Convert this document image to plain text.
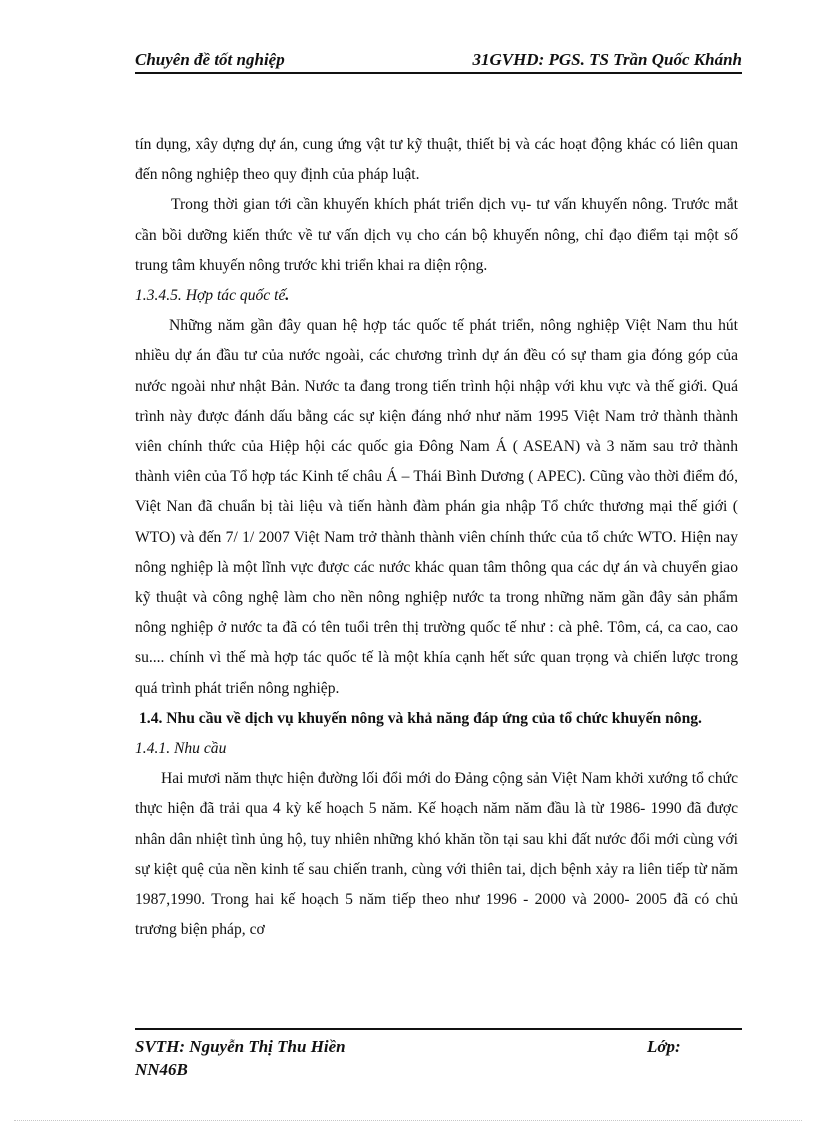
Chuyên đề tốt nghiệp	31GVHD: PGS. TS Trần Quốc Khánh

tín dụng, xây dựng dự án, cung ứng vật tư kỹ thuật, thiết bị và các hoạt động khác có liên quan đến nông nghiệp theo quy định của pháp luật.

Trong thời gian tới cần khuyến khích phát triển dịch vụ- tư vấn khuyến nông. Trước mắt cần bồi dưỡng kiến thức về tư vấn dịch vụ cho cán bộ khuyến nông, chỉ đạo điểm tại một số trung tâm khuyến nông trước khi triển khai ra diện rộng.

1.3.4.5. Hợp tác quốc tế.

Những năm gần đây quan hệ hợp tác quốc tế phát triển, nông nghiệp Việt Nam thu hút nhiều dự án đầu tư của nước ngoài, các chương trình dự án đều có sự tham gia đóng góp của nước ngoài như nhật Bản. Nước ta đang trong tiến trình hội nhập với khu vực và thế giới. Quá trình này được đánh dấu bằng các sự kiện đáng nhớ như năm 1995 Việt Nam trở thành thành viên chính thức của Hiệp hội các quốc gia Đông Nam Á ( ASEAN) và 3 năm sau trở thành thành viên của Tổ hợp tác Kinh tế châu Á – Thái Bình Dương ( APEC). Cũng vào thời điểm đó, Việt Nan đã chuẩn bị tài liệu và tiến hành đàm phán gia nhập Tổ chức thương mại thế giới ( WTO) và đến 7/ 1/ 2007 Việt Nam trở thành thành viên chính thức của tổ chức WTO. Hiện nay nông nghiệp là một lĩnh vực được các nước khác quan tâm thông qua các dự án và chuyển giao kỹ thuật và công nghệ làm cho nền nông nghiệp nước ta trong những năm gần đây sản phẩm nông nghiệp ở nước ta đã có tên tuổi trên thị trường quốc tế như : cà phê. Tôm, cá, ca cao, cao su.... chính vì thế mà hợp tác quốc tế là một khía cạnh hết sức quan trọng và chiến lược trong quá trình phát triển nông nghiệp.

1.4. Nhu cầu về dịch vụ khuyến nông và khả năng đáp ứng của tổ chức khuyến nông.

1.4.1. Nhu cầu

Hai mươi năm thực hiện đường lối đổi mới do Đảng cộng sản Việt Nam khởi xướng tổ chức thực hiện đã trải qua 4 kỳ kế hoạch 5 năm. Kế hoạch năm năm đầu là từ 1986- 1990 đã được nhân dân nhiệt tình ủng hộ, tuy nhiên những khó khăn tồn tại sau khi đất nước đổi mới cùng với sự kiệt quệ của nền kinh tế sau chiến tranh, cùng với thiên tai, dịch bệnh xảy ra liên tiếp từ năm 1987,1990. Trong hai kế hoạch 5 năm tiếp theo như 1996 - 2000 và 2000- 2005 đã có chủ trương biện pháp, cơ

SVTH: Nguyễn Thị Thu Hiền	Lớp:
NN46B
